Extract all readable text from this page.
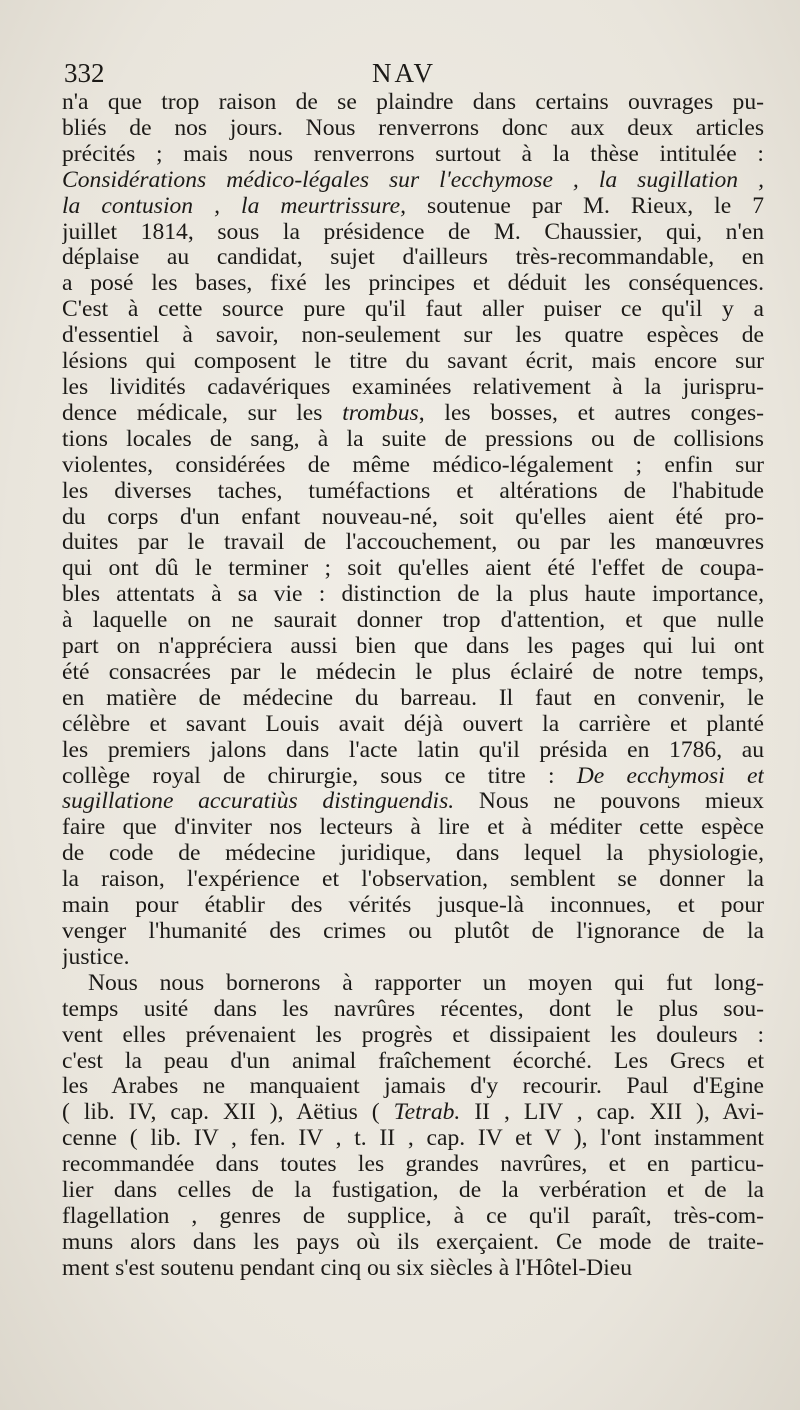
332	NAV
n'a que trop raison de se plaindre dans certains ouvrages pu-
bliés de nos jours. Nous renverrons donc aux deux articles
précités ; mais nous renverrons surtout à la thèse intitulée :
Considérations médico-légales sur l'ecchymose , la sugillation ,
la contusion , la meurtrissure, soutenue par M. Rieux, le 7
juillet 1814, sous la présidence de M. Chaussier, qui, n'en
déplaise au candidat, sujet d'ailleurs très-recommandable, en
a posé les bases, fixé les principes et déduit les conséquences.
C'est à cette source pure qu'il faut aller puiser ce qu'il y a
d'essentiel à savoir, non-seulement sur les quatre espèces de
lésions qui composent le titre du savant écrit, mais encore sur
les lividités cadavériques examinées relativement à la jurispru-
dence médicale, sur les trombus, les bosses, et autres conges-
tions locales de sang, à la suite de pressions ou de collisions
violentes, considérées de même médico-légalement ; enfin sur
les diverses taches, tuméfactions et altérations de l'habitude
du corps d'un enfant nouveau-né, soit qu'elles aient été pro-
duites par le travail de l'accouchement, ou par les manœuvres
qui ont dû le terminer ; soit qu'elles aient été l'effet de coupa-
bles attentats à sa vie : distinction de la plus haute importance,
à laquelle on ne saurait donner trop d'attention, et que nulle
part on n'appréciera aussi bien que dans les pages qui lui ont
été consacrées par le médecin le plus éclairé de notre temps,
en matière de médecine du barreau. Il faut en convenir, le
célèbre et savant Louis avait déjà ouvert la carrière et planté
les premiers jalons dans l'acte latin qu'il présida en 1786, au
collège royal de chirurgie, sous ce titre : De ecchymosi et
sugillatione accuratiùs distinguendis. Nous ne pouvons mieux
faire que d'inviter nos lecteurs à lire et à méditer cette espèce
de code de médecine juridique, dans lequel la physiologie,
la raison, l'expérience et l'observation, semblent se donner la
main pour établir des vérités jusque-là inconnues, et pour
venger l'humanité des crimes ou plutôt de l'ignorance de la
justice.
Nous nous bornerons à rapporter un moyen qui fut long-
temps usité dans les navrûres récentes, dont le plus sou-
vent elles prévenaient les progrès et dissipaient les douleurs :
c'est la peau d'un animal fraîchement écorché. Les Grecs et
les Arabes ne manquaient jamais d'y recourir. Paul d'Egine
( lib. IV, cap. XII ), Aëtius ( Tetrab. II , LIV , cap. XII ), Avi-
cenne ( lib. IV , fen. IV , t. II , cap. IV et V ), l'ont instamment
recommandée dans toutes les grandes navrûres, et en particu-
lier dans celles de la fustigation, de la verbération et de la
flagellation , genres de supplice, à ce qu'il paraît, très-com-
muns alors dans les pays où ils exerçaient. Ce mode de traite-
ment s'est soutenu pendant cinq ou six siècles à l'Hôtel-Dieu
